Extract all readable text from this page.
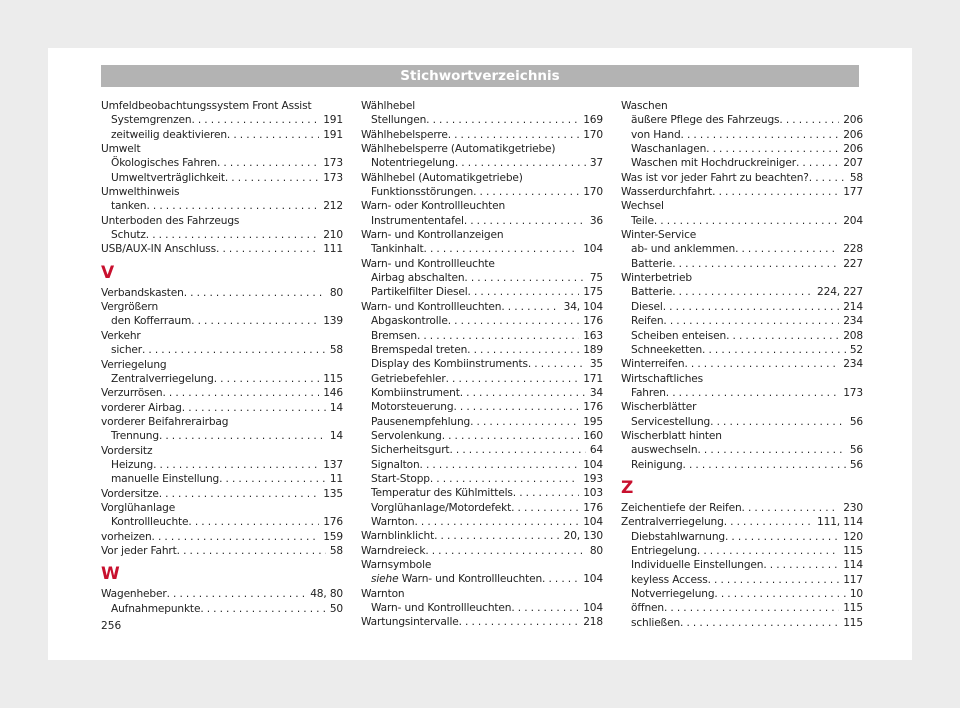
Stichwortverzeichnis
Umfeldbeobachtungssystem Front Assist
Systemgrenzen . . .	191
zeitweilig deaktivieren . . .	191
Umwelt
Ökologisches Fahren . . .	173
Umweltverträglichkeit . . .	173
Umwelthinweis
tanken . . .	212
Unterboden des Fahrzeugs
Schutz . . .	210
USB/AUX-IN Anschluss . . .	111
V
Verbandskasten . . .	80
Vergrößern
den Kofferraum . . .	139
Verkehr
sicher . . .	58
Verriegelung
Zentralverriegelung . . .	115
Verzurrösen . . .	146
vorderer Airbag . . .	14
vorderer Beifahrerairbag
Trennung . . .	14
Vordersitz
Heizung . . .	137
manuelle Einstellung . . .	11
Vordersitze . . .	135
Vorglühanlage
Kontrollleuchte . . .	176
vorheizen . . .	159
Vor jeder Fahrt . . .	58
W
Wagenheber . . .	48, 80
Aufnahmepunkte . . .	50
Wählhebel
Stellungen . . .	169
Wählhebelsperre . . .	170
Wählhebelsperre (Automatikgetriebe)
Notentriegelung . . .	37
Wählhebel (Automatikgetriebe)
Funktionsstörungen . . .	170
Warn- oder Kontrollleuchten
Instrumententafel . . .	36
Warn- und Kontrollanzeigen
Tankinhalt . . .	104
Warn- und Kontrollleuchte
Airbag abschalten . . .	75
Partikelfilter Diesel . . .	175
Warn- und Kontrollleuchten . . .	34, 104
Abgaskontrolle . . .	176
Bremsen . . .	163
Bremspedal treten . . .	189
Display des Kombiinstruments . . .	35
Getriebefehler . . .	171
Kombiinstrument . . .	34
Motorsteuerung . . .	176
Pausenempfehlung . . .	195
Servolenkung . . .	160
Sicherheitsgurt . . .	64
Signalton . . .	104
Start-Stopp . . .	193
Temperatur des Kühlmittels . . .	103
Vorglühanlage/Motordefekt . . .	176
Warnton . . .	104
Warnblinklicht . . .	20, 130
Warndreieck . . .	80
Warnsymbole
siehe Warn- und Kontrollleuchten . . .	104
Warnton
Warn- und Kontrollleuchten . . .	104
Wartungsintervalle . . .	218
Waschen
äußere Pflege des Fahrzeugs . . .	206
von Hand . . .	206
Waschanlagen . . .	206
Waschen mit Hochdruckreiniger . . .	207
Was ist vor jeder Fahrt zu beachten? . . .	58
Wasserdurchfahrt . . .	177
Wechsel
Teile . . .	204
Winter-Service
ab- und anklemmen . . .	228
Batterie . . .	227
Winterbetrieb
Batterie . . .	224, 227
Diesel . . .	214
Reifen . . .	234
Scheiben enteisen . . .	208
Schneeketten . . .	52
Winterreifen . . .	234
Wirtschaftliches
Fahren . . .	173
Wischerblätter
Servicestellung . . .	56
Wischerblatt hinten
auswechseln . . .	56
Reinigung . . .	56
Z
Zeichentiefe der Reifen . . .	230
Zentralverriegelung . . .	111, 114
Diebstahlwarnung . . .	120
Entriegelung . . .	115
Individuelle Einstellungen . . .	114
keyless Access . . .	117
Notverriegelung . . .	10
öffnen . . .	115
schließen . . .	115
256
